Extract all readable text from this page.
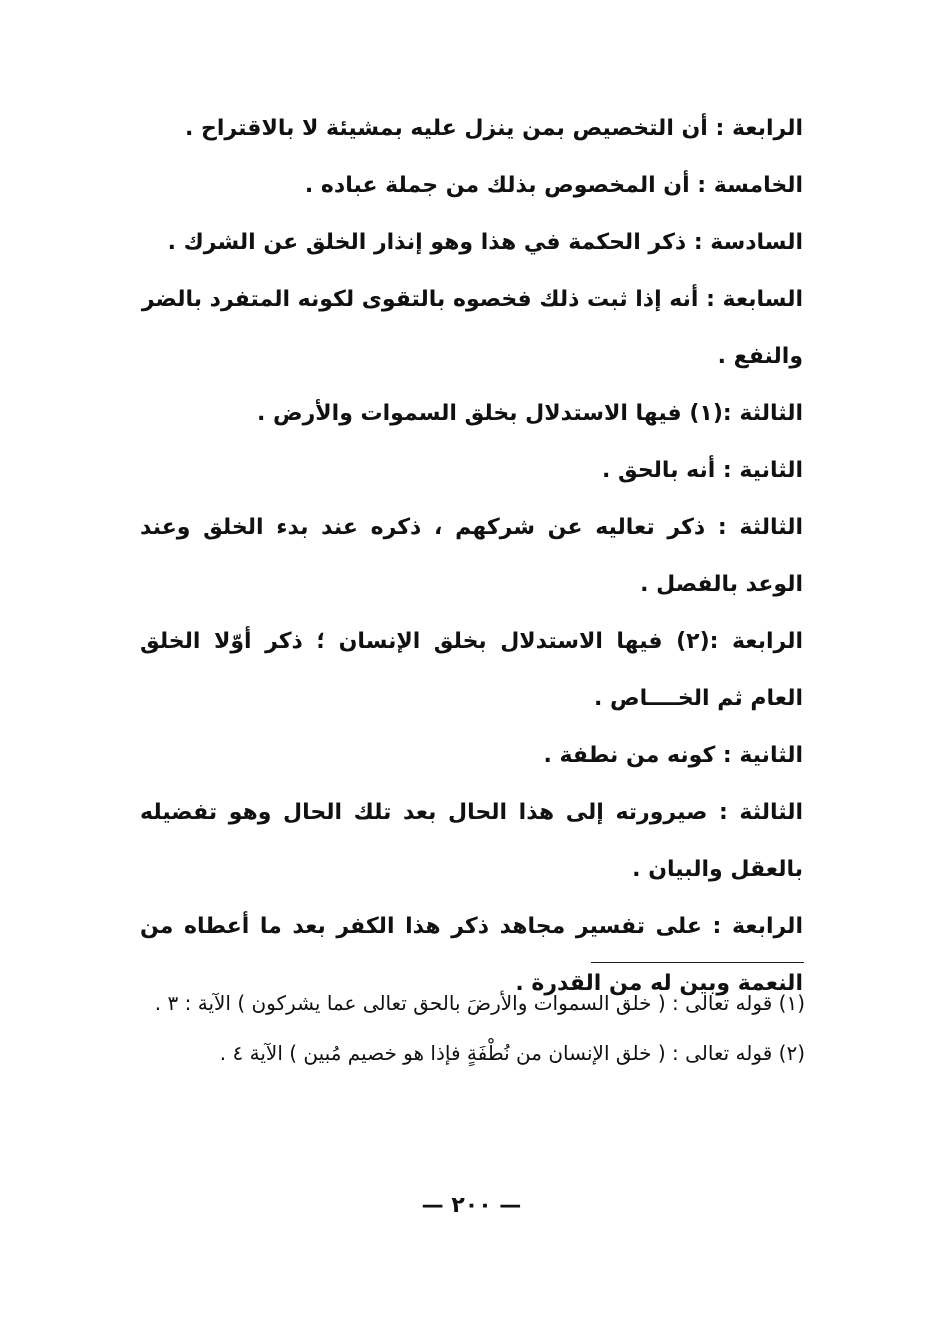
الرابعة : أن التخصيص بمن ينزل عليه بمشيئة لا بالاقتراح .

الخامسة : أن المخصوص بذلك من جملة عباده .

السادسة : ذكر الحكمة في هذا وهو إنذار الخلق عن الشرك .

السابعة : أنه إذا ثبت ذلك فخصوه بالتقوى لكونه المتفرد بالضر والنفع .

الثالثة :(١) فيها الاستدلال بخلق السموات والأرض .

الثانية : أنه بالحق .

الثالثة : ذكر تعاليه عن شركهم ، ذكره عند بدء الخلق وعند الوعد بالفصل .

الرابعة :(٢) فيها الاستدلال بخلق الإنسان ؛ ذكر أوّلا الخلق العام ثم الخــــاص .

الثانية : كونه من نطفة .

الثالثة : صيرورته إلى هذا الحال بعد تلك الحال وهو تفضيله بالعقل والبيان .

الرابعة : على تفسير مجاهد ذكر هذا الكفر بعد ما أعطاه من النعمة وبين له من القدرة .

(١) قوله تعالى : ( خلق السموات والأرضَ بالحق تعالى عما يشركون ) الآية : ٣ .

(٢) قوله تعالى : ( خلق الإنسان من نُطْفَةٍ فإذا هو خصيم مُبين ) الآية ٤ .

— ٢٠٠ —
